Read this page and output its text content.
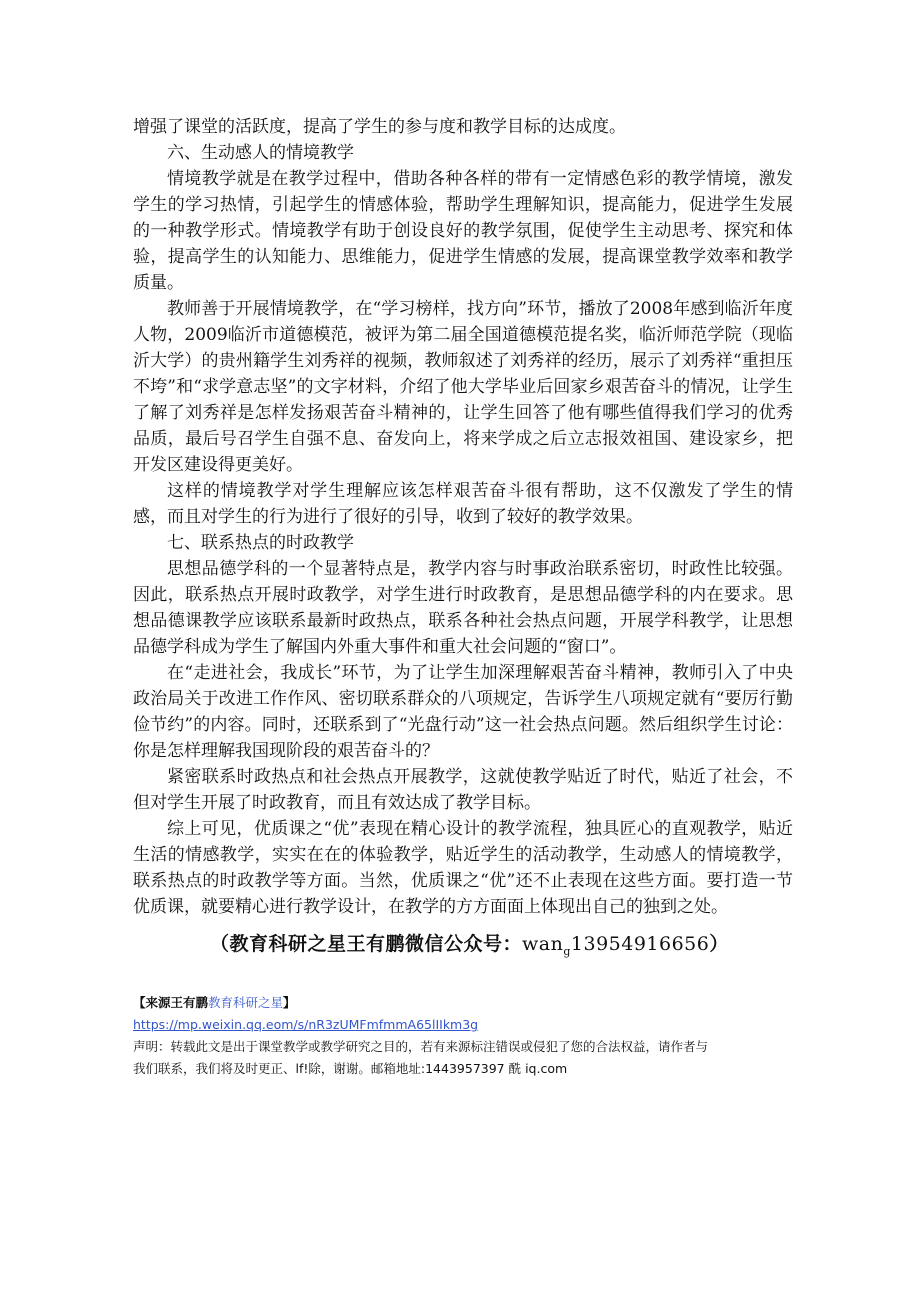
增强了课堂的活跃度，提高了学生的参与度和教学目标的达成度。

六、生动感人的情境教学

情境教学就是在教学过程中，借助各种各样的带有一定情感色彩的教学情境，激发学生的学习热情，引起学生的情感体验，帮助学生理解知识，提高能力，促进学生发展的一种教学形式。情境教学有助于创设良好的教学氛围，促使学生主动思考、探究和体验，提高学生的认知能力、思维能力，促进学生情感的发展，提高课堂教学效率和教学质量。

教师善于开展情境教学，在“学习榜样，找方向”环节，播放了2008年感到临沂年度人物，2009临沂市道德模范，被评为第二届全国道德模范提名奖，临沂师范学院（现临沂大学）的贵州籍学生刘秀祥的视频，教师叙述了刘秀祥的经历，展示了刘秀祥“重担压不垮”和“求学意志坚”的文字材料，介绍了他大学毕业后回家乡艰苦奋斗的情况，让学生了解了刘秀祥是怎样发扬艰苦奋斗精神的，让学生回答了他有哪些值得我们学习的优秀品质，最后号召学生自强不息、奋发向上，将来学成之后立志报效祖国、建设家乡，把开发区建设得更美好。

这样的情境教学对学生理解应该怎样艰苦奋斗很有帮助，这不仅激发了学生的情感，而且对学生的行为进行了很好的引导，收到了较好的教学效果。

七、联系热点的时政教学

思想品德学科的一个显著特点是，教学内容与时事政治联系密切，时政性比较强。因此，联系热点开展时政教学，对学生进行时政教育，是思想品德学科的内在要求。思想品德课教学应该联系最新时政热点，联系各种社会热点问题，开展学科教学，让思想品德学科成为学生了解国内外重大事件和重大社会问题的“窗口”。

在“走进社会，我成长”环节，为了让学生加深理解艰苦奋斗精神，教师引入了中央政治局关于改进工作作风、密切联系群众的八项规定，告诉学生八项规定就有“要厉行勤俭节约”的内容。同时，还联系到了“光盘行动”这一社会热点问题。然后组织学生讨论：你是怎样理解我国现阶段的艰苦奋斗的？

紧密联系时政热点和社会热点开展教学，这就使教学贴近了时代，贴近了社会，不但对学生开展了时政教育，而且有效达成了教学目标。

综上可见，优质课之“优”表现在精心设计的教学流程，独具匠心的直观教学，贴近生活的情感教学，实实在在的体验教学，贴近学生的活动教学，生动感人的情境教学，联系热点的时政教学等方面。当然，优质课之“优”还不止表现在这些方面。要打造一节优质课，就要精心进行教学设计，在教学的方方面面上体现出自己的独到之处。

（教育科研之星王有鹏微信公众号：wan$_g$13954916656）
【来源王有鹏教育科研之星】
https://mp.weixin.qq.eom/s/nR3zUMFmfmmA65lIIkm3g
声明：转载此文是出于课堂教学或教学研究之目的，若有来源标注错误或侵犯了您的合法权益，请作者与
我们联系，我们将及时更正、lf!除，谢谢。邮箱地址:1443957397 酰 iq.com
